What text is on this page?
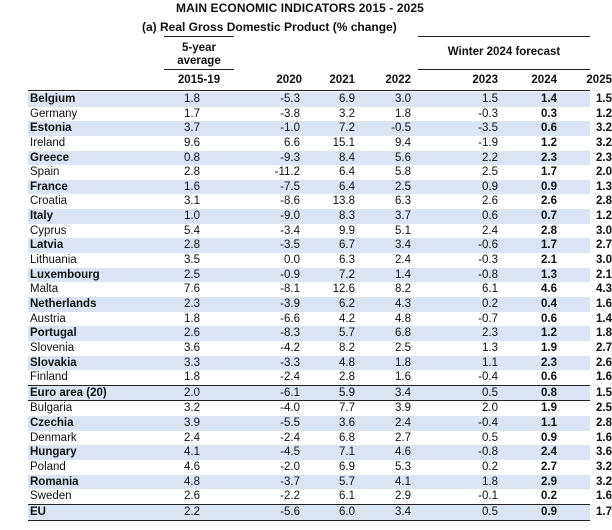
MAIN ECONOMIC INDICATORS 2015 - 2025
(a) Real Gross Domestic Product (% change)
5-year
average
Winter 2024 forecast
2015-19	2020	2021	2022	2023	2024	2025
Belgium	1.8	-5.3	6.9	3.0	1.5	1.4	1.5
Germany	1.7	-3.8	3.2	1.8	-0.3	0.3	1.2
Estonia	3.7	-1.0	7.2	-0.5	-3.5	0.6	3.2
Ireland	9.6	6.6	15.1	9.4	-1.9	1.2	3.2
Greece	0.8	-9.3	8.4	5.6	2.2	2.3	2.3
Spain	2.8	-11.2	6.4	5.8	2.5	1.7	2.0
France	1.6	-7.5	6.4	2.5	0.9	0.9	1.3
Croatia	3.1	-8.6	13.8	6.3	2.6	2.6	2.8
Italy	1.0	-9.0	8.3	3.7	0.6	0.7	1.2
Cyprus	5.4	-3.4	9.9	5.1	2.4	2.8	3.0
Latvia	2.8	-3.5	6.7	3.4	-0.6	1.7	2.7
Lithuania	3.5	0.0	6.3	2.4	-0.3	2.1	3.0
Luxembourg	2.5	-0.9	7.2	1.4	-0.8	1.3	2.1
Malta	7.6	-8.1	12.6	8.2	6.1	4.6	4.3
Netherlands	2.3	-3.9	6.2	4.3	0.2	0.4	1.6
Austria	1.8	-6.6	4.2	4.8	-0.7	0.6	1.4
Portugal	2.6	-8.3	5.7	6.8	2.3	1.2	1.8
Slovenia	3.6	-4.2	8.2	2.5	1.3	1.9	2.7
Slovakia	3.3	-3.3	4.8	1.8	1.1	2.3	2.6
Finland	1.8	-2.4	2.8	1.6	-0.4	0.6	1.6
Euro area (20)	2.0	-6.1	5.9	3.4	0.5	0.8	1.5
Bulgaria	3.2	-4.0	7.7	3.9	2.0	1.9	2.5
Czechia	3.9	-5.5	3.6	2.4	-0.4	1.1	2.8
Denmark	2.4	-2.4	6.8	2.7	0.5	0.9	1.6
Hungary	4.1	-4.5	7.1	4.6	-0.8	2.4	3.6
Poland	4.6	-2.0	6.9	5.3	0.2	2.7	3.2
Romania	4.8	-3.7	5.7	4.1	1.8	2.9	3.2
Sweden	2.6	-2.2	6.1	2.9	-0.1	0.2	1.6
EU	2.2	-5.6	6.0	3.4	0.5	0.9	1.7
